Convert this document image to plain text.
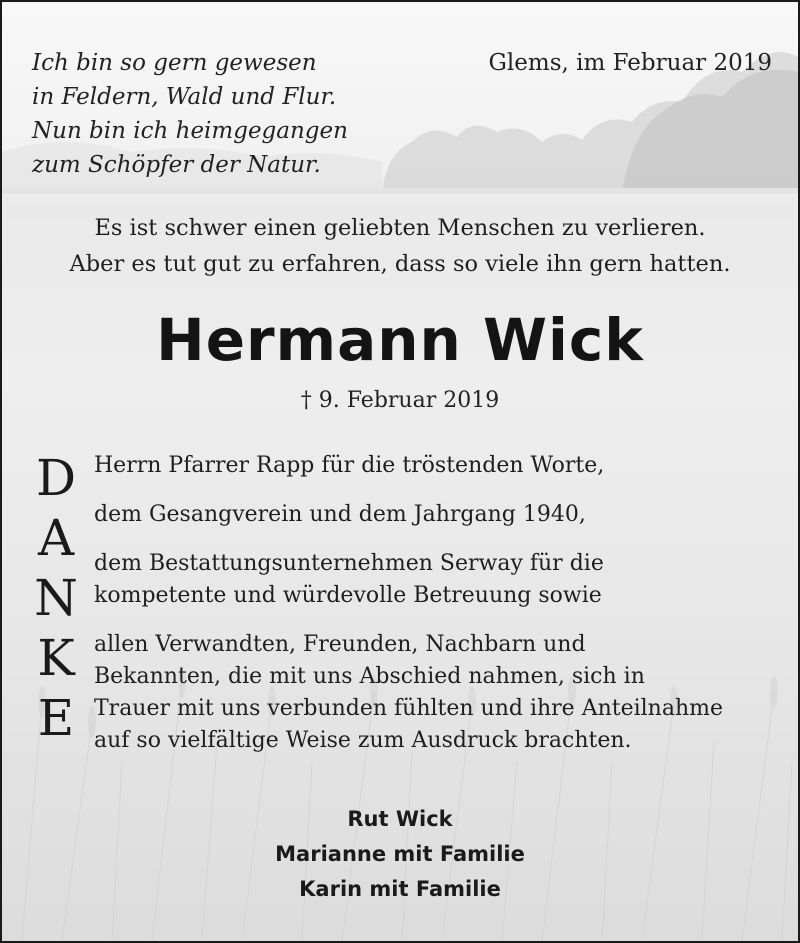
Ich bin so gern gewesen
in Feldern, Wald und Flur.
Nun bin ich heimgegangen
zum Schöpfer der Natur.
Glems, im Februar 2019
Es ist schwer einen geliebten Menschen zu verlieren.
Aber es tut gut zu erfahren, dass so viele ihn gern hatten.
Hermann Wick
† 9. Februar 2019
D
A
N
K
E
Herrn Pfarrer Rapp für die tröstenden Worte,
dem Gesangverein und dem Jahrgang 1940,
dem Bestattungsunternehmen Serway für die
kompetente und würdevolle Betreuung sowie
allen Verwandten, Freunden, Nachbarn und
Bekannten, die mit uns Abschied nahmen, sich in
Trauer mit uns verbunden fühlten und ihre Anteilnahme
auf so vielfältige Weise zum Ausdruck brachten.
Rut Wick
Marianne mit Familie
Karin mit Familie
